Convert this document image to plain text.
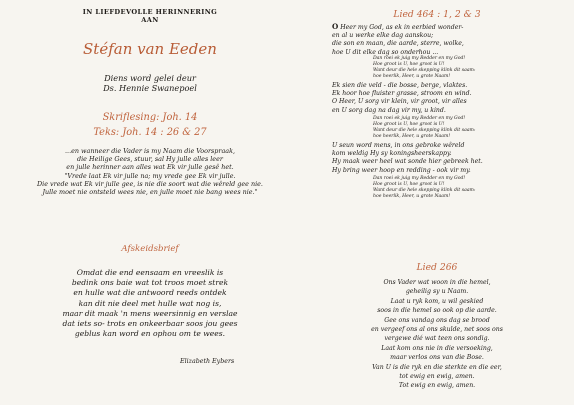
IN LIEFDEVOLLE HERINNERING
AAN
Stéfan van Eeden
Diens word gelei deur
Ds. Hennie Swanepoel
Skriflesing: Joh. 14
Teks: Joh. 14 : 26 & 27
...en wanneer die Vader is my Naam die Voorspraak,
die Heilige Gees, stuur, sal Hy julle alles leer
en julle herinner aan alles wat Ek vir julle gesê het.
"Vrede laat Ek vir julle na; my vrede gee Ek vir julle.
Die vrede wat Ek vir julle gee, is nie die soort wat die wêreld gee nie.
Julle moet nie ontsteld wees nie, en julle moet nie bang wees nie."
Afskeidsbrief
Omdat die end eensaam en vreeslik is
bedink ons baie wat tot troos moet strek
en hulle wat die antwoord reeds ontdek
kan dit nie deel met hulle wat nog is,
maar dit maak 'n mens weersinnig en verslae
dat iets so- trots en onkeerbaar soos jou gees
geblus kan word en ophou om te wees.
Elizabeth Eybers
Lied 464 : 1, 2 & 3
O Heer my God, as ek in eerbied wonder-
en al u werke elke dag aanskou;
die son en maan, die aarde, sterre, wolke,
hoe U dit elke dag so onderhou ...
Dan roei ek juig my Redder en my God!
Hoe groot is U, hoe groot is U!
Want deur die hele skepping klink dit saam:
hoe heerlik, Heer, u grote Naam!
Ek sien die veld - die bosse, berge, vlaktes.
Ek hoor hoe fluister grasse, stroom en wind.
O Heer, U sorg vir klein, vir groot, vir alles
en U sorg dag na dag vir my, u kind.
Dan roei ek juig my Redder en my God!
Hoe groot is U, hoe groot is U!
Want deur die hele skepping klink dit saam:
hoe heerlik, Heer, u grote Naam!
U seun word mens, in ons gebroke wêreld
kom weldig Hy sy koningsheerskappy.
Hy maak weer heel wat sonde hier gebreek het.
Hy bring weer hoop en redding - ook vir my.
Dan roei ek juig my Redder en my God!
Hoe groot is U, hoe groot is U!
Want deur die hele skepping klink dit saam:
hoe heerlik, Heer, u grote Naam!
Lied 266
Ons Vader wat woon in die hemel,
geheilig sy u Naam.
Laat u ryk kom, u wil geskied
soos in die hemel so ook op die aarde.
Gee ons vandag ons dag se brood
en vergeef ons al ons skulde, net soos ons
vergewe dié wat teen ons sondig.
Laat kom ons nie in die versoeking,
maar verlos ons van die Bose.
Van U is die ryk en die sterkte en die eer,
tot ewig en ewig, amen.
Tot ewig en ewig, amen.
